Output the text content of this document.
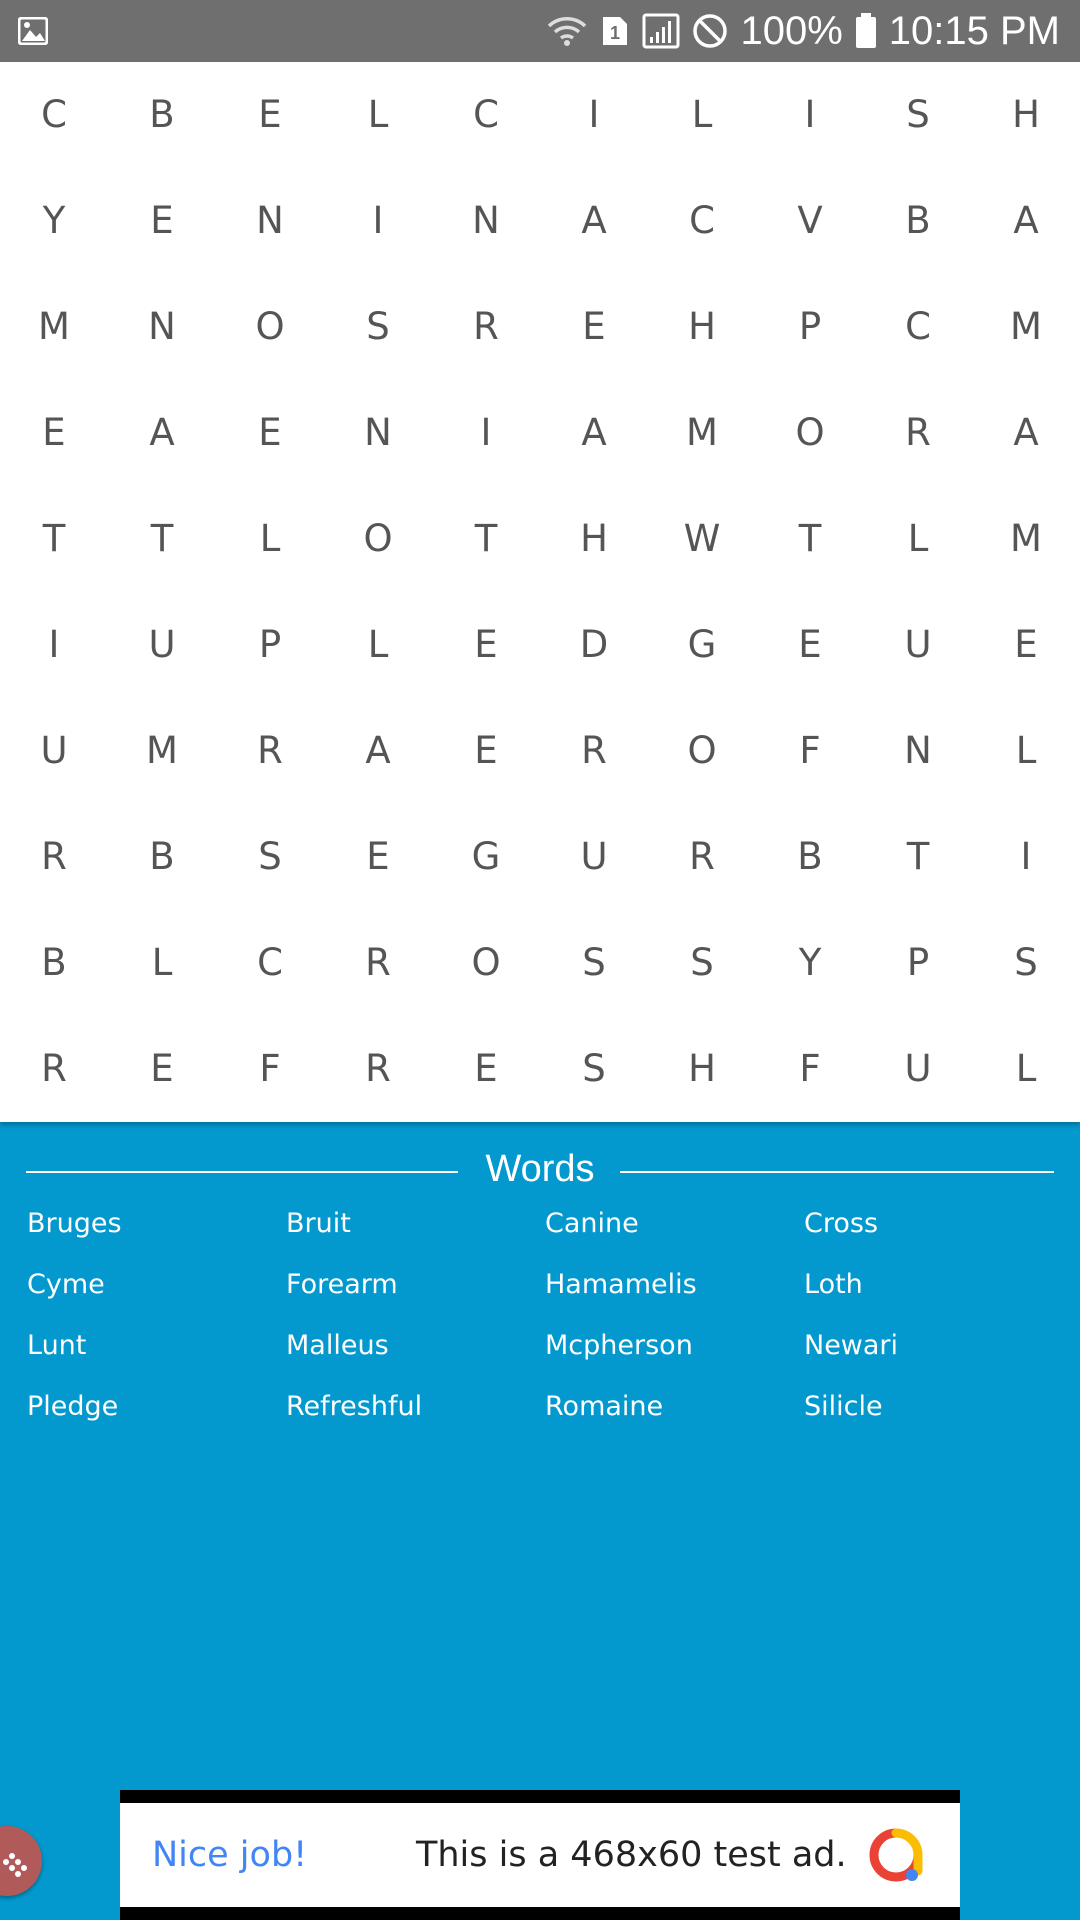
1	100% 10:15 PM
C	B	E	L	C	I	L	I	S	H
Y	E	N	I	N	A	C	V	B	A
M	N	O	S	R	E	H	P	C	M
E	A	E	N	I	A	M	O	R	A
T	T	L	O	T	H	W	T	L	M
I	U	P	L	E	D	G	E	U	E
U	M	R	A	E	R	O	F	N	L
R	B	S	E	G	U	R	B	T	I
B	L	C	R	O	S	S	Y	P	S
R	E	F	R	E	S	H	F	U	L
Words
Bruges	Bruit	Canine	Cross
Cyme	Forearm	Hamamelis	Loth
Lunt	Malleus	Mcpherson	Newari
Pledge	Refreshful	Romaine	Silicle
Nice job!	This is a 468x60 test ad.
